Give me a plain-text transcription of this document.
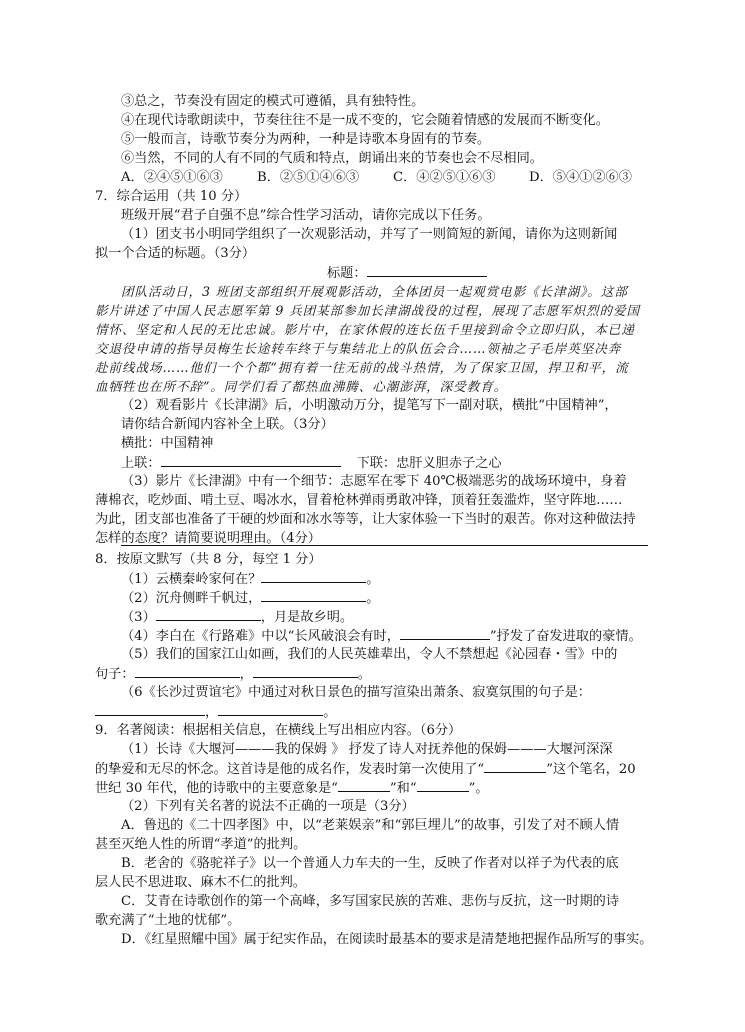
③总之，节奏没有固定的模式可遵循，具有独特性。
④在现代诗歌朗读中，节奏往往不是一成不变的，它会随着情感的发展而不断变化。
⑤一般而言，诗歌节奏分为两种，一种是诗歌本身固有的节奏。
⑥当然，不同的人有不同的气质和特点，朗诵出来的节奏也会不尽相同。
A．②④⑤①⑥③	B．②⑤①④⑥③	C．④②⑤①⑥③	D．⑤④①②⑥③
7．综合运用（共 10 分）
班级开展“君子自强不息”综合性学习活动，请你完成以下任务。
（1）团支书小明同学组织了一次观影活动，并写了一则简短的新闻，请你为这则新闻
拟一个合适的标题。（3分）
标题：
团队活动日，3 班团支部组织开展观影活动，全体团员一起观赏电影《长津湖》。这部
影片讲述了中国人民志愿军第 9 兵团某部参加长津湖战役的过程，展现了志愿军炽烈的爱国
情怀、坚定和人民的无比忠诚。影片中，在家休假的连长伍千里接到命令立即归队，本已递
交退役申请的指导员梅生长途转车终于与集结北上的队伍会合……领袖之子毛岸英坚决奔
赴前线战场……他们一个个都“拥有着一往无前的战斗热情，为了保家卫国，捍卫和平，流
血牺牲也在所不辞”。同学们看了都热血沸腾、心潮澎湃，深受教育。
（2）观看影片《长津湖》后，小明激动万分，提笔写下一副对联，横批“中国精神”，
请你结合新闻内容补全上联。（3分）
横批：中国精神
上联：	下联：忠肝义胆赤子之心
（3）影片《长津湖》中有一个细节：志愿军在零下 40℃极端恶劣的战场环境中，身着
薄棉衣，吃炒面、啃土豆、喝冰水，冒着枪林弹雨勇敢冲锋，顶着狂轰滥炸，坚守阵地……
为此，团支部也准备了干硬的炒面和冰水等等，让大家体验一下当时的艰苦。你对这种做法持
怎样的态度？请简要说明理由。（4分）
8．按原文默写（共 8 分，每空 1 分）
（1）云横秦岭家何在？	。
（2）沉舟侧畔千帆过，	。
（3）	，月是故乡明。
（4）李白在《行路难》中以“长风破浪会有时，	”抒发了奋发进取的豪情。
（5）我们的国家江山如画，我们的人民英雄辈出，令人不禁想起《沁园春・雪》中的
句子：	，	。
（6《长沙过贾谊宅》中通过对秋日景色的描写渲染出萧条、寂寞氛围的句子是：
，	。
9．名著阅读：根据相关信息，在横线上写出相应内容。（6分）
（1）长诗《大堰河———我的保姆 》 抒发了诗人对抚养他的保姆———大堰河深深
的挚爱和无尽的怀念。这首诗是他的成名作，发表时第一次使用了“	”这个笔名，20
世纪 30 年代，他的诗歌中的主要意象是“	”和“	”。
（2）下列有关名著的说法不正确的一项是（3分）
A．鲁迅的《二十四孝图》中，以“老莱娱亲”和“郭巨埋儿”的故事，引发了对不顾人情
甚至灭绝人性的所谓“孝道”的批判。
B．老舍的《骆驼祥子》以一个普通人力车夫的一生，反映了作者对以祥子为代表的底
层人民不思进取、麻木不仁的批判。
C．艾青在诗歌创作的第一个高峰，多写国家民族的苦难、悲伤与反抗，这一时期的诗
歌充满了“土地的忧郁”。
D．《红星照耀中国》属于纪实作品，在阅读时最基本的要求是清楚地把握作品所写的事实。
